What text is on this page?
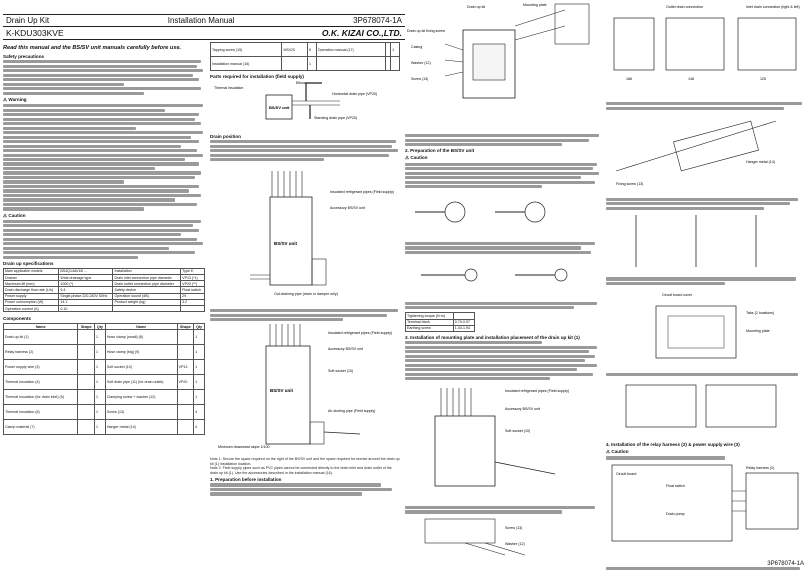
Drain Up Kit	Installation Manual	3P678074-1A
K-KDU303KVE	O.K. KIZAI CO.,LTD.
Read this manual and the BS/SV unit manuals carefully before use.
Safety precautions
⚠ Warning
⚠ Caution
Drain up specifications
Main applicable models	BS4Q14AV1B ...	Installation	Type E
Drainer	Wide drainage type	Drain inlet connection pipe diameter	VP13 (*1)
Maximum lift (mm)	1000 (*)	Drain outlet connection pipe diameter	VP20 (**)
Drain discharge flow rate (L/h)	9.4	Safety device	Float switch
Power supply	Single-phase 220-240V 50Hz	Operation sound (dB)	29
Power consumption (W)	14.1	Product weight (kg)	3.2
Operation current (A)	0.10		
Components
Name	Shape	Qty	Name	Shape	Qty
Drain up kit (1)		1	Hose clamp (small) (8)		1
Relay harness (2)		1	Hose clamp (big) (9)		1
Power supply wire (3)		1	Soft socket (10)	VP13	1
Thermal insulation (4)		1	Soft drain pipe (11) (for drain outlet)	VP20	1
Thermal insulation (for drain inlet) (5)		1	Clamping screw + washer (12)		1
Thermal insulation (6)		1	Screw (13)		4
Clamp material (7)		1	Hanger metal (14)		4
Tapping screw (15)	M3X20	5	Operation manual (17)		1
Installation manual (16)		1			
Parts required for installation (field supply)
BS/SV unit
Elbow
Thermal insulation
Horizontal drain pipe (VP20)
Standing drain pipe (VP20)
Drain position
BS/SV unit
Insulated refrigerant pipes (Field supply)
Accessory BS/SV unit
Out-draining pipe (drain or damper only)
BS/SV unit
Insulated refrigerant pipes (Field supply)
Accessory BS/SV unit
Soft socket (10)
Air ducting pipe (Field supply)
Minimum downward slope 1/100
Note 1. Secure the space required on the right of the BS/SV unit and the space required for service around the drain up kit (1) installation location.
Note 2. Field supply pipes such as PVC pipes cannot be connected directly to the drain inlet and drain outlet of the drain up kit (1). Use the accessories described in the installation manual (16).
1. Preparation before installation
Drain up kit
Drain up kit fixing screw
Casing
Washer (12)
Screw (13)
Mounting plate
2. Preparation of the BS/SV unit
⚠ Caution
Tightening torque (N·m)	
Terminal block	0.79-0.97
Earthing screw	1.44-1.94
3. Installation of mounting plate and installation placement of the drain up kit (1)
Insulated refrigerant pipes (Field supply)
Accessory BS/SV unit
Soft socket (10)
Screw (13)
Washer (12)
Outlet drain connection	Inlet drain connection (right & left)
186	148	125
Hanger metal (14)
Fixing screw (13)
Circuit board cover
Tabs (2 locations)
Mounting plate
4. Installation of the relay harness (2) & power supply wire (3)
⚠ Caution
Circuit board
Float switch
Drain pump
Relay harness (2)
3P678074-1A
